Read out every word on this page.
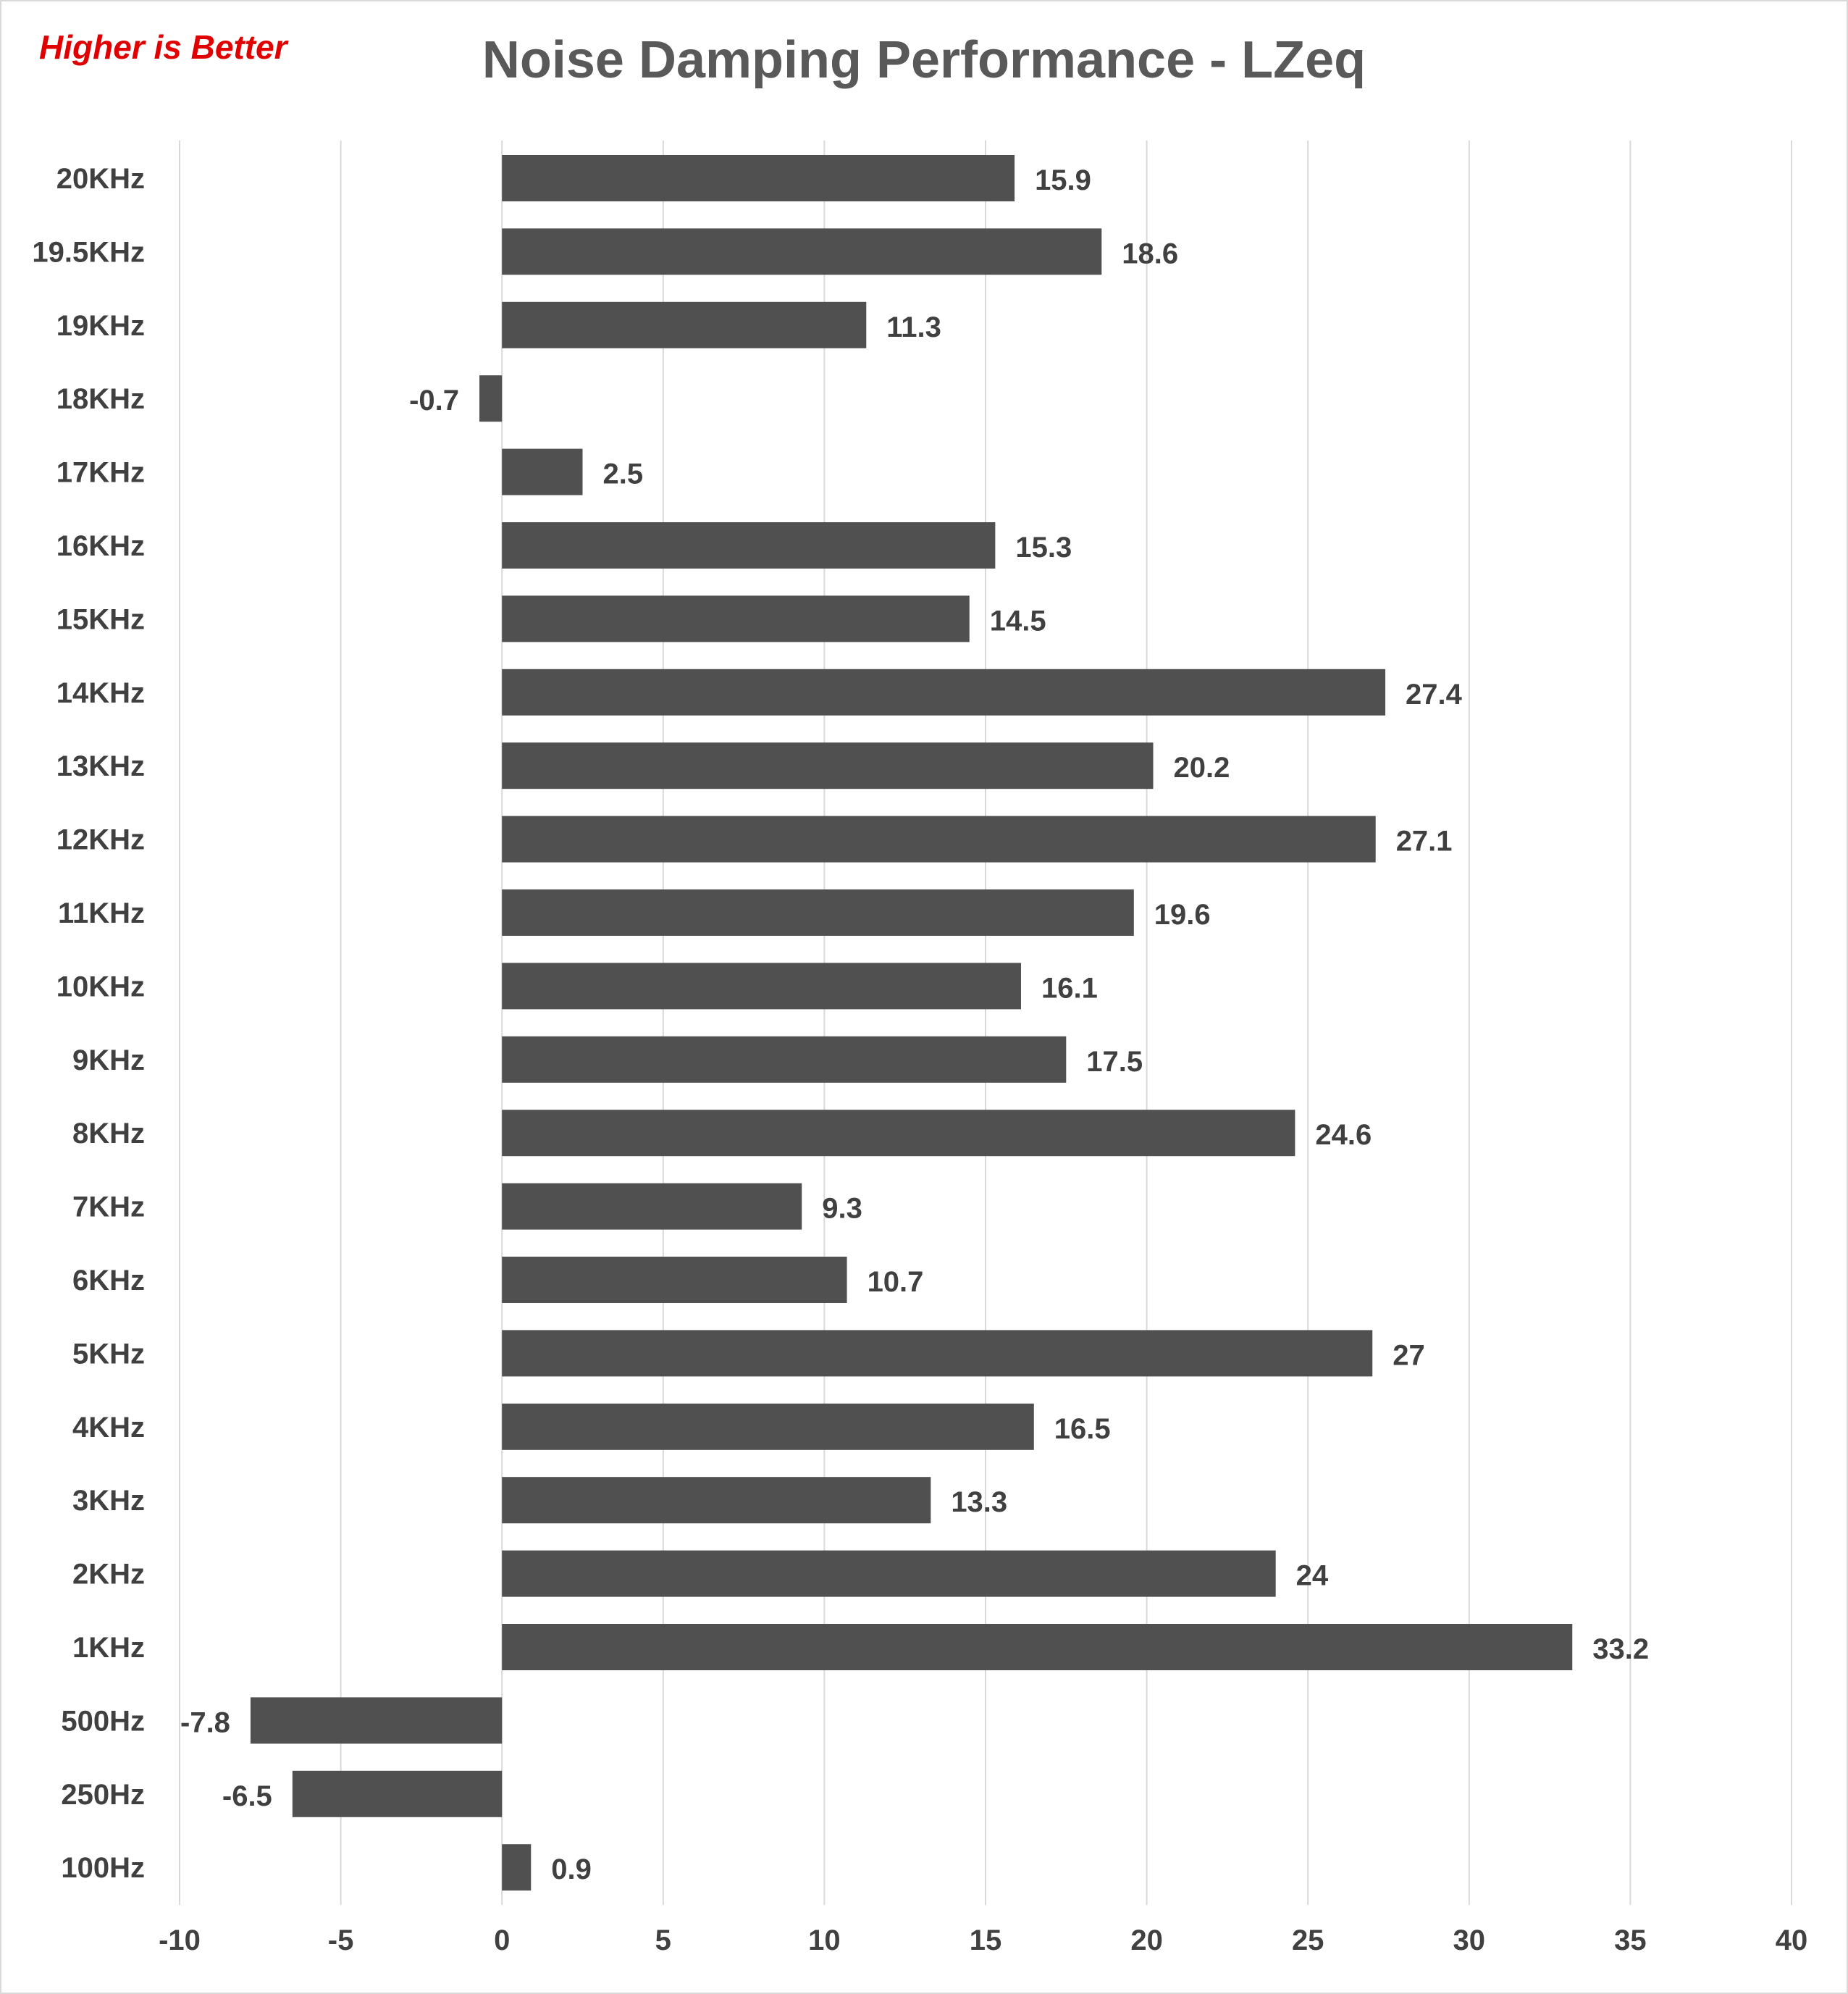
Higher is Better	Noise Damping Performance - LZeq
20KHz
19.5KHz
19KHz
18KHz
17KHz
16KHz
15KHz
14KHz
13KHz
12KHz
11KHz
10KHz
9KHz
8KHz
7KHz
6KHz
5KHz
4KHz
3KHz
2KHz
1KHz
500Hz
250Hz
100Hz
15.9
18.6
11.3
-0.7
2.5
15.3
14.5
27.4
20.2
27.1
19.6
16.1
17.5
24.6
9.3
10.7
27
16.5
13.3
24
33.2
-7.8
-6.5
0.9
-10	-5	0	5	10	15	20	25	30	35	40
